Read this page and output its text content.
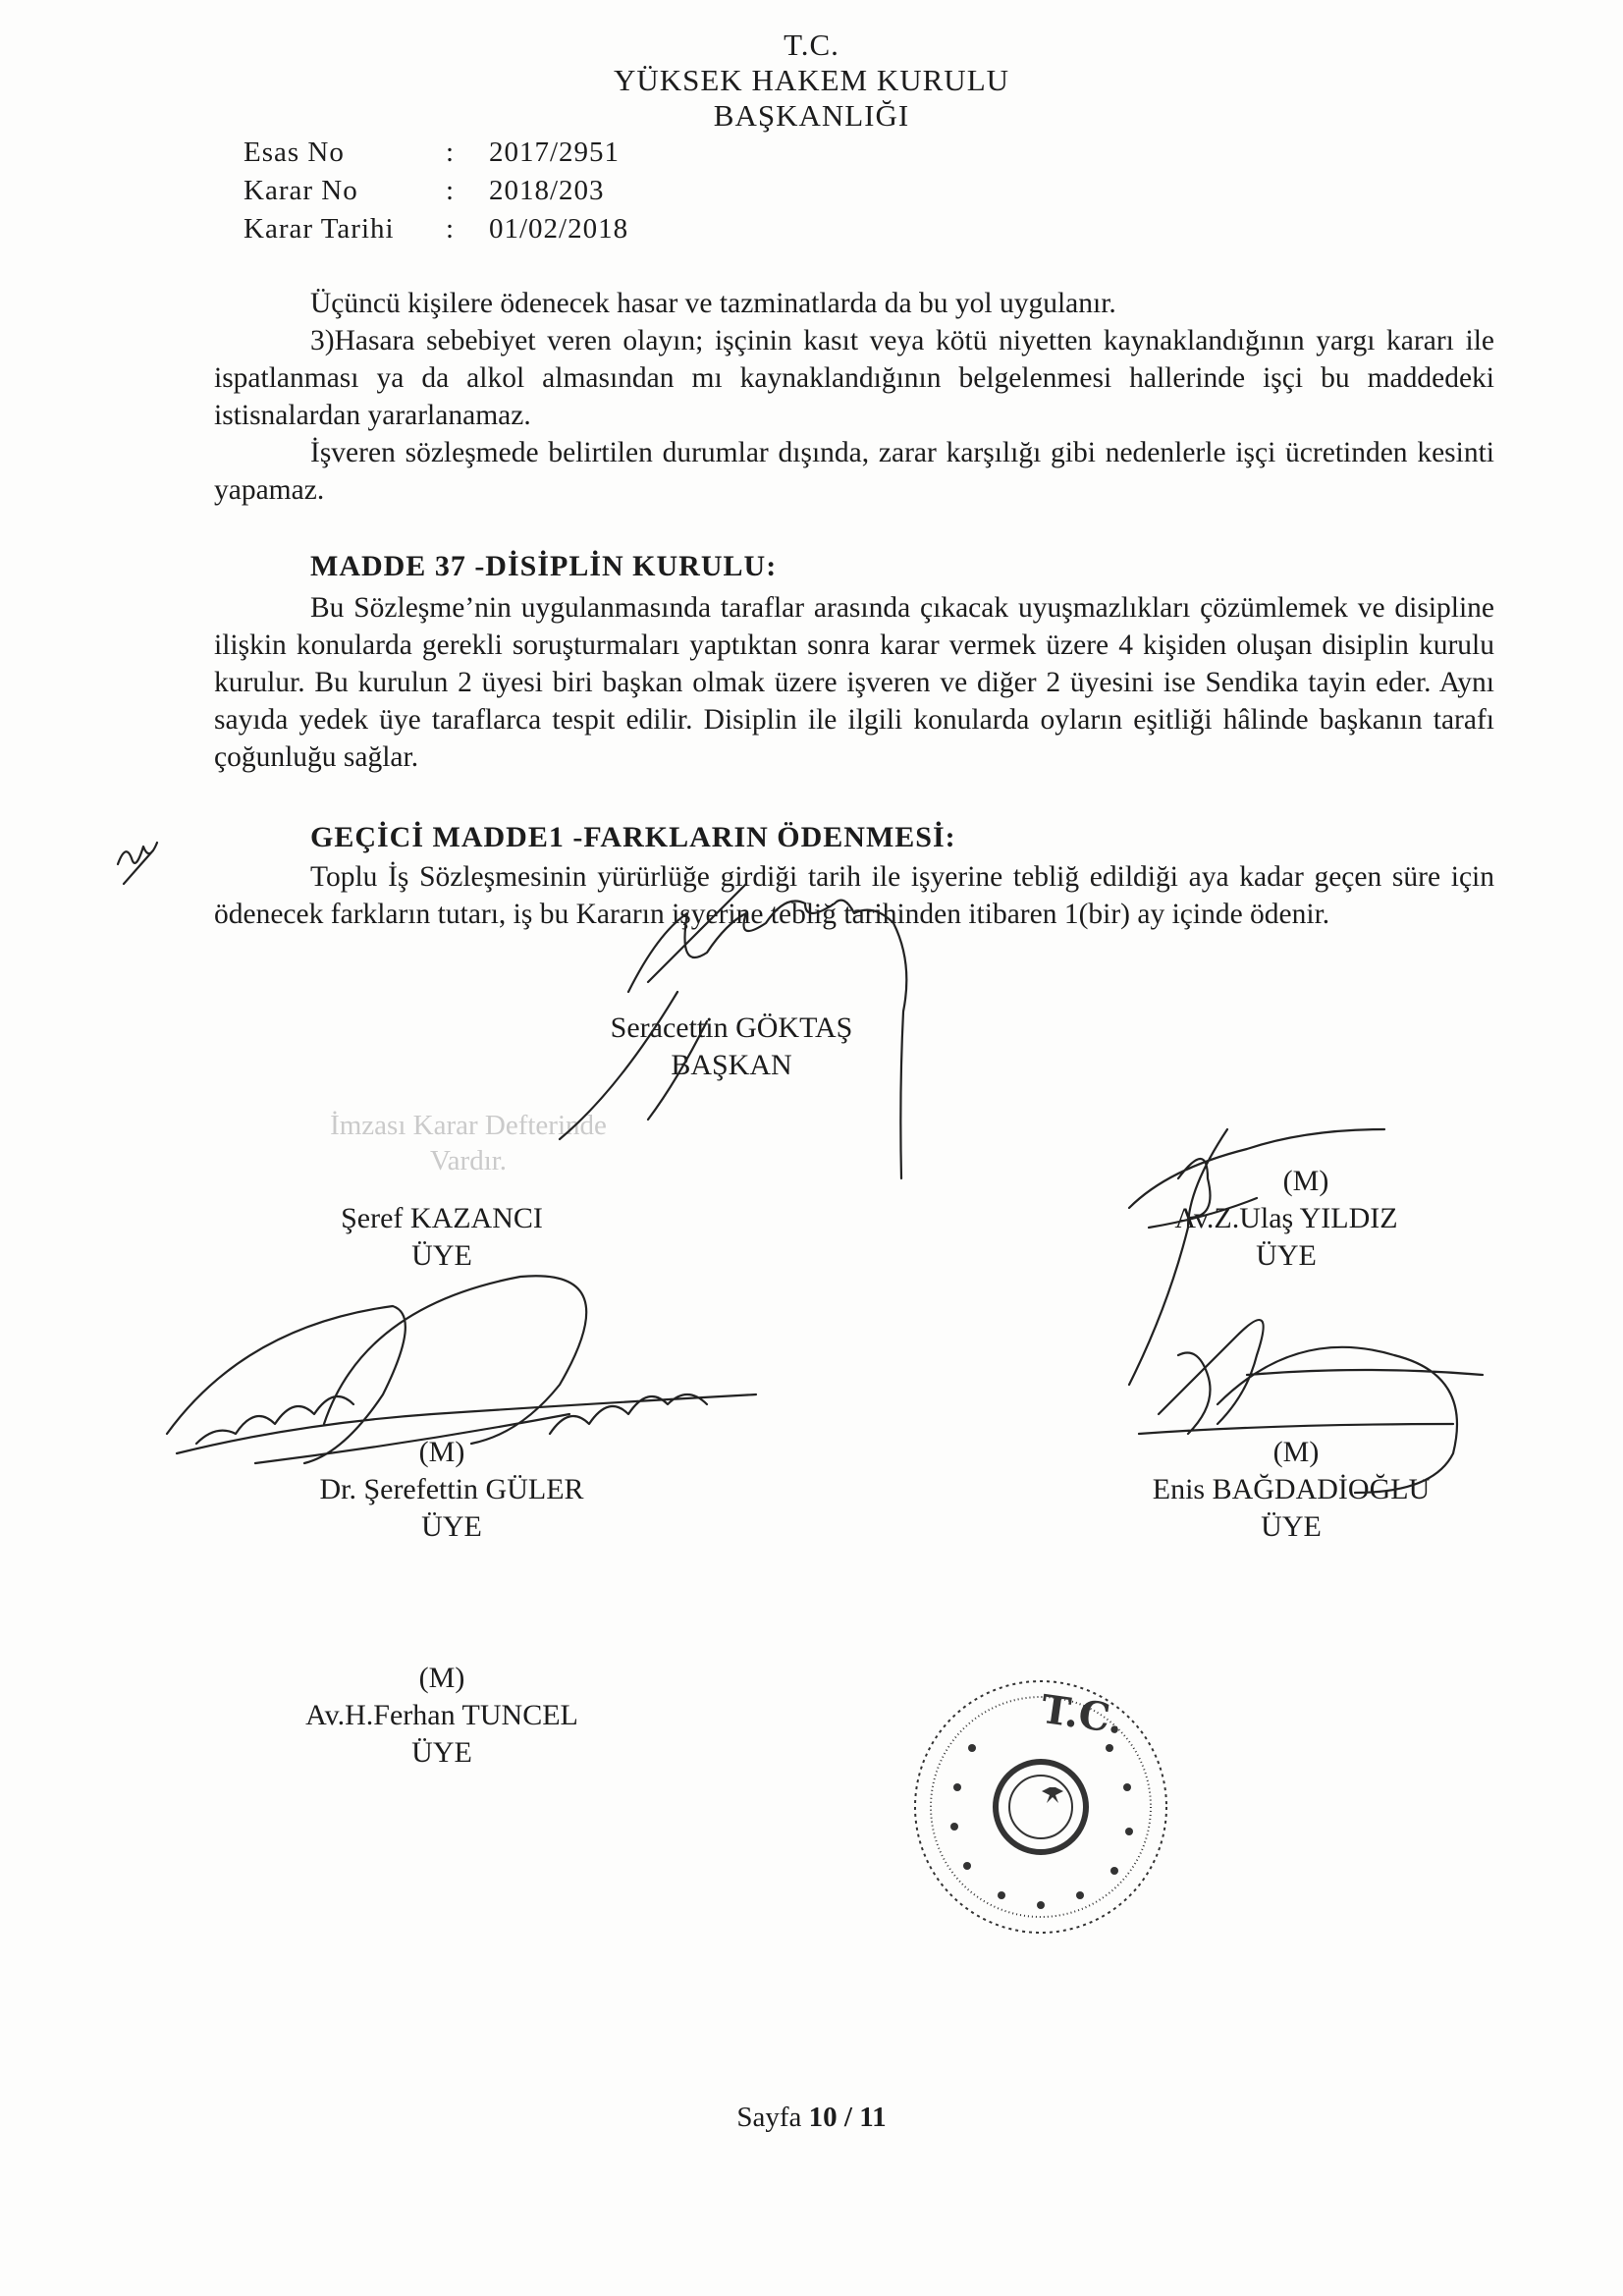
T.C.
YÜKSEK HAKEM KURULU
BAŞKANLIĞI
Esas No	: 2017/2951
Karar No	: 2018/203
Karar Tarihi	: 01/02/2018
Üçüncü kişilere ödenecek hasar ve tazminatlarda da bu yol uygulanır.
3)Hasara sebebiyet veren olayın; işçinin kasıt veya kötü niyetten kaynaklandığının yargı kararı ile ispatlanması ya da alkol almasından mı kaynaklandığının belgelenmesi hallerinde işçi bu maddedeki istisnalardan yararlanamaz.
İşveren sözleşmede belirtilen durumlar dışında, zarar karşılığı gibi nedenlerle işçi ücretinden kesinti yapamaz.
MADDE 37 -DİSİPLİN KURULU:
Bu Sözleşme’nin uygulanmasında taraflar arasında çıkacak uyuşmazlıkları çözümlemek ve disipline ilişkin konularda gerekli soruşturmaları yaptıktan sonra karar vermek üzere 4 kişiden oluşan disiplin kurulu kurulur. Bu kurulun 2 üyesi biri başkan olmak üzere işveren ve diğer 2 üyesini ise Sendika tayin eder. Aynı sayıda yedek üye taraflarca tespit edilir. Disiplin ile ilgili konularda oyların eşitliği hâlinde başkanın tarafı çoğunluğu sağlar.
GEÇİCİ MADDE1 -FARKLARIN ÖDENMESİ:
Toplu İş Sözleşmesinin yürürlüğe girdiği tarih ile işyerine tebliğ edildiği aya kadar geçen süre için ödenecek farkların tutarı, iş bu Kararın işyerine tebliğ tarihinden itibaren 1(bir) ay içinde ödenir.
İmzası Karar Defterinde
Vardır.
Seracettin GÖKTAŞ
BAŞKAN
Şeref KAZANCI
ÜYE
(M)
Av.Z.Ulaş YILDIZ
ÜYE
(M)
Dr. Şerefettin GÜLER
ÜYE
(M)
Enis BAĞDADİOĞLU
ÜYE
(M)
Av.H.Ferhan TUNCEL
ÜYE
T.C.
Sayfa 10 / 11
